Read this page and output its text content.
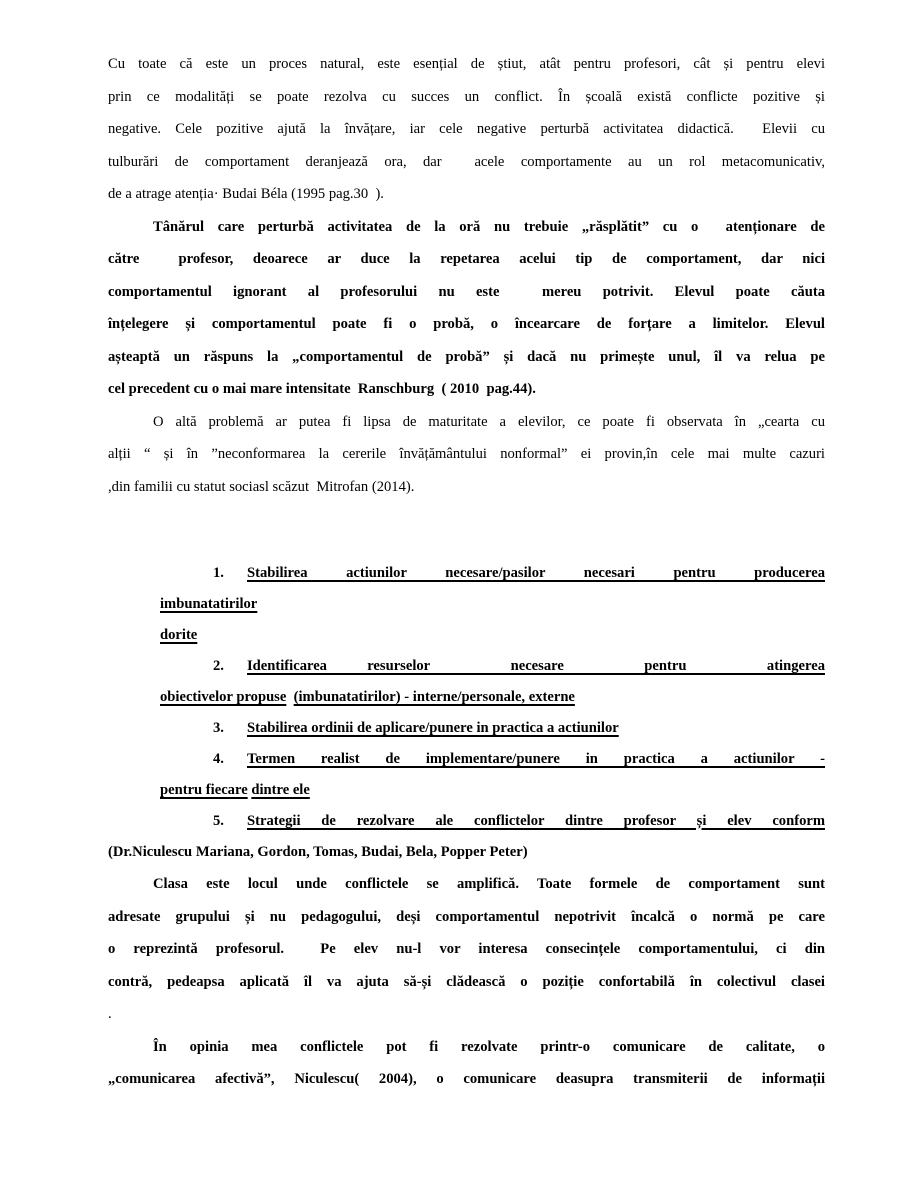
Cu toate că este un proces natural, este esențial de știut, atât pentru profesori, cât și pentru elevi
prin ce modalități se poate rezolva cu succes un conflict. În școală există conflicte pozitive și
negative. Cele pozitive ajută la învățare, iar cele negative perturbă activitatea didactică.  Elevii cu
tulburări de comportament deranjează ora, dar  acele comportamente au un rol metacomunicativ,
de a atrage atenția· Budai Béla (1995 pag.30  ).
Tânărul care perturbă activitatea de la oră nu trebuie „răsplătit” cu o  atenționare de
către  profesor, deoarece ar duce la repetarea acelui tip de comportament, dar nici
comportamentul ignorant al profesorului nu este  mereu potrivit. Elevul poate căuta
înțelegere și comportamentul poate fi o probă, o încearcare de forțare a limitelor. Elevul
așteaptă un răspuns la „comportamentul de probă” și dacă nu primește unul, îl va relua pe
cel precedent cu o mai mare intensitate  Ranschburg  ( 2010  pag.44).
O altă problemă ar putea fi lipsa de maturitate a elevilor, ce poate fi observata în „cearta cu
alții “ și în ”neconformarea la cererile învățământului nonformal” ei provin,în cele mai multe cazuri
,din familii cu statut sociasl scăzut  Mitrofan (2014).
1. Stabilirea actiunilor necesare/pasilor necesari pentru producerea
imbunatatirilor
dorite
2. Identificarea resurselor  necesare  pentru  atingerea
obiectivelor propuse (imbunatatirilor) - interne/personale, externe
3. Stabilirea ordinii de aplicare/punere in practica a actiunilor
4. Termen realist de implementare/punere in practica a actiunilor -
pentru fiecare dintre ele
5. Strategii de rezolvare ale conflictelor dintre profesor și elev conform
(Dr.Niculescu Mariana, Gordon, Tomas, Budai, Bela, Popper Peter)
Clasa este locul unde conflictele se amplifică. Toate formele de comportament sunt
adresate grupului și nu pedagogului, deși comportamentul nepotrivit încalcă o normă pe care
o reprezintă profesorul.  Pe elev nu-l vor interesa consecințele comportamentului, ci din
contră, pedeapsa aplicată îl va ajuta să-și clădească o poziție confortabilă în colectivul clasei
.
În opinia mea conflictele pot fi rezolvate printr-o comunicare de calitate, o
„comunicarea afectivă”, Niculescu( 2004), o comunicare deasupra transmiterii de informații
